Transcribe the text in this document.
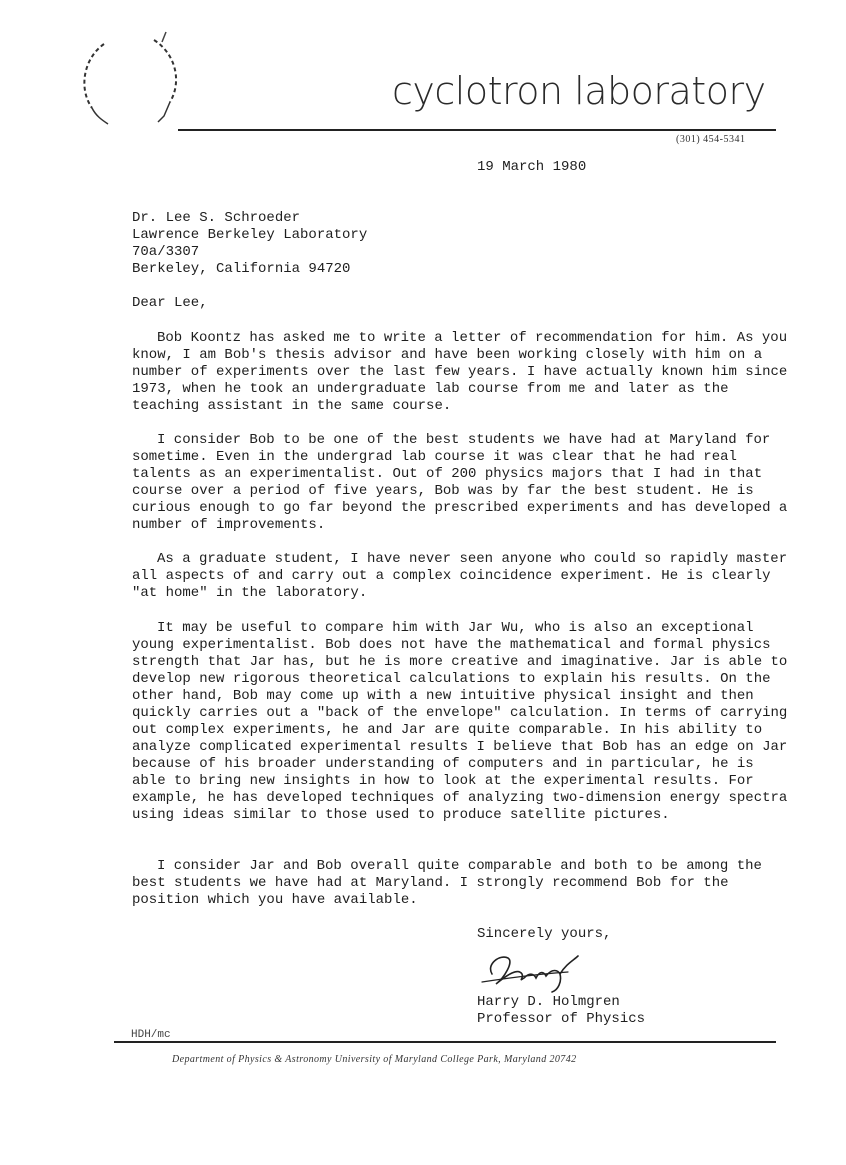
cyclotron laboratory
(301) 454-5341
19 March 1980
Dr. Lee S. Schroeder
Lawrence Berkeley Laboratory
70a/3307
Berkeley, California 94720
Dear Lee,

Bob Koontz has asked me to write a letter of recommendation for him. As you know, I am Bob's thesis advisor and have been working closely with him on a number of experiments over the last few years. I have actually known him since 1973, when he took an undergraduate lab course from me and later as the teaching assistant in the same course.

I consider Bob to be one of the best students we have had at Maryland for sometime. Even in the undergrad lab course it was clear that he had real talents as an experimentalist. Out of 200 physics majors that I had in that course over a period of five years, Bob was by far the best student. He is curious enough to go far beyond the prescribed experiments and has developed a number of improvements.

As a graduate student, I have never seen anyone who could so rapidly master all aspects of and carry out a complex coincidence experiment. He is clearly "at home" in the laboratory.

It may be useful to compare him with Jar Wu, who is also an exceptional young experimentalist. Bob does not have the mathematical and formal physics strength that Jar has, but he is more creative and imaginative. Jar is able to develop new rigorous theoretical calculations to explain his results. On the other hand, Bob may come up with a new intuitive physical insight and then quickly carries out a "back of the envelope" calculation. In terms of carrying out complex experiments, he and Jar are quite comparable. In his ability to analyze complicated experimental results I believe that Bob has an edge on Jar because of his broader understanding of computers and in particular, he is able to bring new insights in how to look at the experimental results. For example, he has developed techniques of analyzing two-dimension energy spectra using ideas similar to those used to produce satellite pictures.

I consider Jar and Bob overall quite comparable and both to be among the best students we have had at Maryland. I strongly recommend Bob for the position which you have available.

Sincerely yours,
Harry D. Holmgren
Professor of Physics
HDH/mc
Department of Physics & Astronomy University of Maryland College Park, Maryland 20742
